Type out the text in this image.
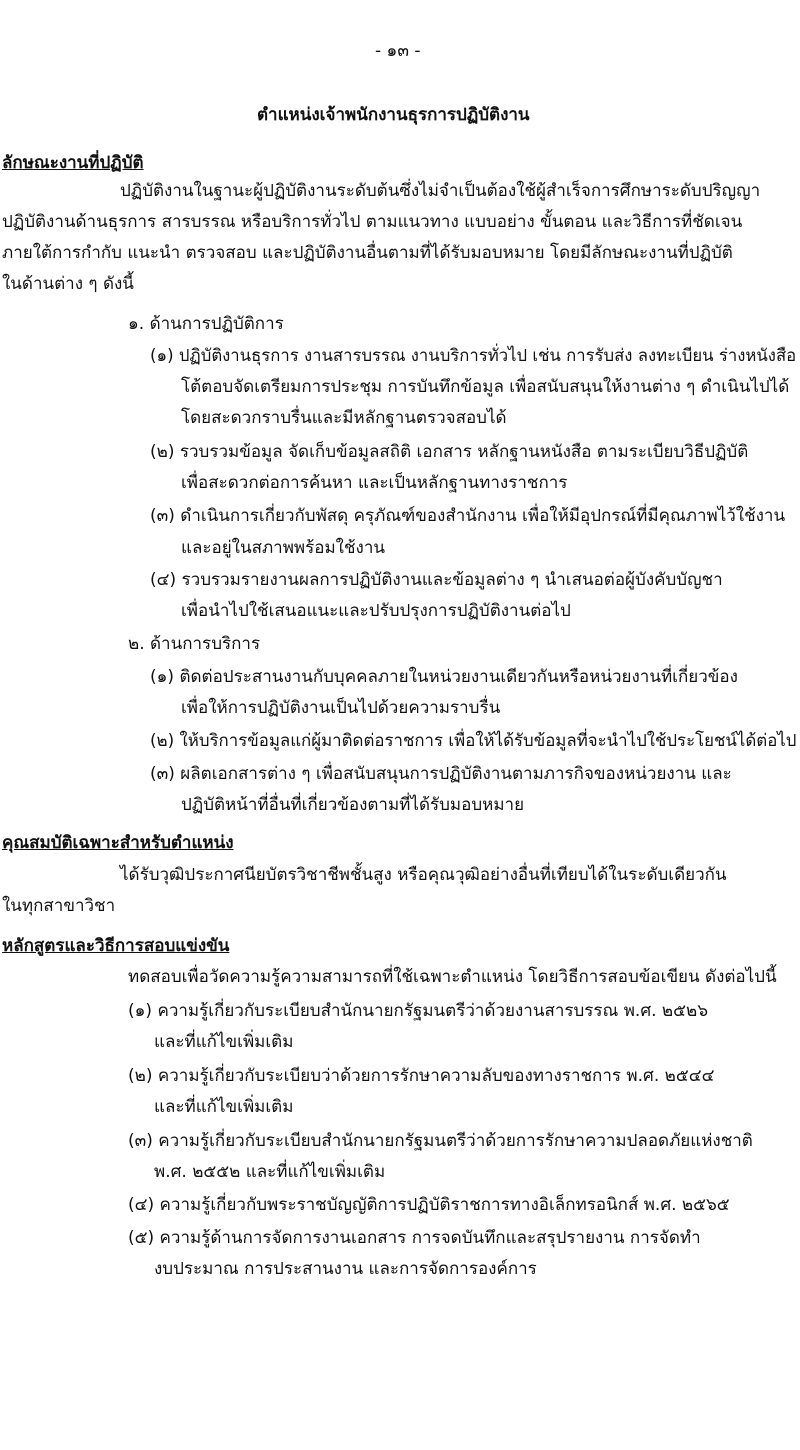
- ๑๓ -
ตำแหน่งเจ้าพนักงานธุรการปฏิบัติงาน
ลักษณะงานที่ปฏิบัติ
ปฏิบัติงานในฐานะผู้ปฏิบัติงานระดับต้นซึ่งไม่จำเป็นต้องใช้ผู้สำเร็จการศึกษาระดับปริญญา
ปฏิบัติงานด้านธุรการ สารบรรณ หรือบริการทั่วไป ตามแนวทาง แบบอย่าง ขั้นตอน และวิธีการที่ชัดเจน
ภายใต้การกำกับ แนะนำ ตรวจสอบ และปฏิบัติงานอื่นตามที่ได้รับมอบหมาย โดยมีลักษณะงานที่ปฏิบัติ
ในด้านต่าง ๆ ดังนี้
๑. ด้านการปฏิบัติการ
(๑) ปฏิบัติงานธุรการ งานสารบรรณ งานบริการทั่วไป เช่น การรับส่ง ลงทะเบียน ร่างหนังสือ
โต้ตอบจัดเตรียมการประชุม การบันทึกข้อมูล เพื่อสนับสนุนให้งานต่าง ๆ ดำเนินไปได้
โดยสะดวกราบรื่นและมีหลักฐานตรวจสอบได้
(๒) รวบรวมข้อมูล จัดเก็บข้อมูลสถิติ เอกสาร หลักฐานหนังสือ ตามระเบียบวิธีปฏิบัติ
เพื่อสะดวกต่อการค้นหา และเป็นหลักฐานทางราชการ
(๓) ดำเนินการเกี่ยวกับพัสดุ ครุภัณฑ์ของสำนักงาน เพื่อให้มีอุปกรณ์ที่มีคุณภาพไว้ใช้งาน
และอยู่ในสภาพพร้อมใช้งาน
(๔) รวบรวมรายงานผลการปฏิบัติงานและข้อมูลต่าง ๆ นำเสนอต่อผู้บังคับบัญชา
เพื่อนำไปใช้เสนอแนะและปรับปรุงการปฏิบัติงานต่อไป
๒. ด้านการบริการ
(๑) ติดต่อประสานงานกับบุคคลภายในหน่วยงานเดียวกันหรือหน่วยงานที่เกี่ยวข้อง
เพื่อให้การปฏิบัติงานเป็นไปด้วยความราบรื่น
(๒) ให้บริการข้อมูลแก่ผู้มาติดต่อราชการ เพื่อให้ได้รับข้อมูลที่จะนำไปใช้ประโยชน์ได้ต่อไป
(๓) ผลิตเอกสารต่าง ๆ เพื่อสนับสนุนการปฏิบัติงานตามภารกิจของหน่วยงาน และ
ปฏิบัติหน้าที่อื่นที่เกี่ยวข้องตามที่ได้รับมอบหมาย
คุณสมบัติเฉพาะสำหรับตำแหน่ง
ได้รับวุฒิประกาศนียบัตรวิชาชีพชั้นสูง หรือคุณวุฒิอย่างอื่นที่เทียบได้ในระดับเดียวกัน
ในทุกสาขาวิชา
หลักสูตรและวิธีการสอบแข่งขัน
ทดสอบเพื่อวัดความรู้ความสามารถที่ใช้เฉพาะตำแหน่ง โดยวิธีการสอบข้อเขียน ดังต่อไปนี้
(๑) ความรู้เกี่ยวกับระเบียบสำนักนายกรัฐมนตรีว่าด้วยงานสารบรรณ พ.ศ. ๒๕๒๖
และที่แก้ไขเพิ่มเติม
(๒) ความรู้เกี่ยวกับระเบียบว่าด้วยการรักษาความลับของทางราชการ พ.ศ. ๒๕๔๔
และที่แก้ไขเพิ่มเติม
(๓) ความรู้เกี่ยวกับระเบียบสำนักนายกรัฐมนตรีว่าด้วยการรักษาความปลอดภัยแห่งชาติ
พ.ศ. ๒๕๕๒ และที่แก้ไขเพิ่มเติม
(๔) ความรู้เกี่ยวกับพระราชบัญญัติการปฏิบัติราชการทางอิเล็กทรอนิกส์ พ.ศ. ๒๕๖๕
(๕) ความรู้ด้านการจัดการงานเอกสาร การจดบันทึกและสรุปรายงาน การจัดทำ
งบประมาณ การประสานงาน และการจัดการองค์การ
